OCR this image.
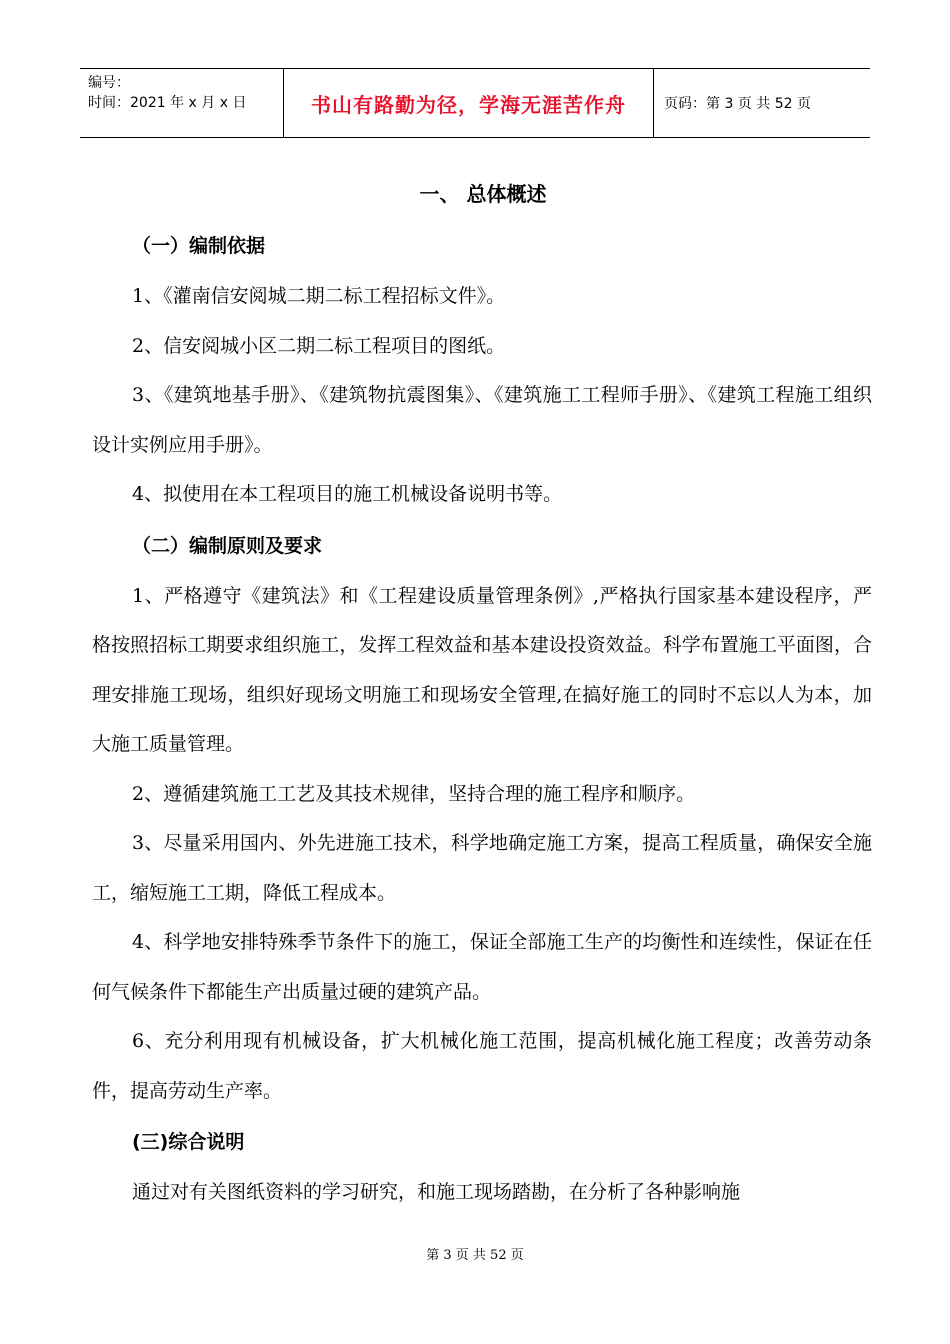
编号：
时间：2021 年 x 月 x 日	书山有路勤为径，学海无涯苦作舟	页码：第 3 页 共 52 页
一、 总体概述
（一）编制依据

1、《灌南信安阅城二期二标工程招标文件》。

2、信安阅城小区二期二标工程项目的图纸。

3、《建筑地基手册》、《建筑物抗震图集》、《建筑施工工程师手册》、《建筑工程施工组织设计实例应用手册》。

4、拟使用在本工程项目的施工机械设备说明书等。

（二）编制原则及要求

1、严格遵守《建筑法》和《工程建设质量管理条例》,严格执行国家基本建设程序，严格按照招标工期要求组织施工，发挥工程效益和基本建设投资效益。科学布置施工平面图，合理安排施工现场，组织好现场文明施工和现场安全管理,在搞好施工的同时不忘以人为本，加大施工质量管理。

2、遵循建筑施工工艺及其技术规律，坚持合理的施工程序和顺序。

3、尽量采用国内、外先进施工技术，科学地确定施工方案，提高工程质量，确保安全施工，缩短施工工期，降低工程成本。

4、科学地安排特殊季节条件下的施工，保证全部施工生产的均衡性和连续性，保证在任何气候条件下都能生产出质量过硬的建筑产品。

6、充分利用现有机械设备，扩大机械化施工范围，提高机械化施工程度；改善劳动条件，提高劳动生产率。

(三)综合说明

通过对有关图纸资料的学习研究，和施工现场踏勘，在分析了各种影响施

第 3 页 共 52 页
